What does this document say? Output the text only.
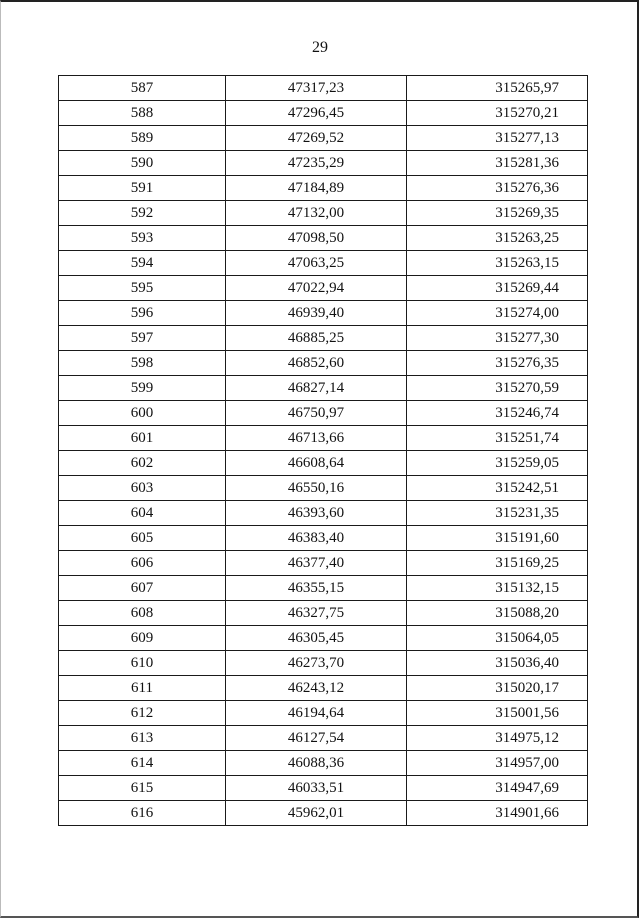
29
587	47317,23	315265,97
588	47296,45	315270,21
589	47269,52	315277,13
590	47235,29	315281,36
591	47184,89	315276,36
592	47132,00	315269,35
593	47098,50	315263,25
594	47063,25	315263,15
595	47022,94	315269,44
596	46939,40	315274,00
597	46885,25	315277,30
598	46852,60	315276,35
599	46827,14	315270,59
600	46750,97	315246,74
601	46713,66	315251,74
602	46608,64	315259,05
603	46550,16	315242,51
604	46393,60	315231,35
605	46383,40	315191,60
606	46377,40	315169,25
607	46355,15	315132,15
608	46327,75	315088,20
609	46305,45	315064,05
610	46273,70	315036,40
611	46243,12	315020,17
612	46194,64	315001,56
613	46127,54	314975,12
614	46088,36	314957,00
615	46033,51	314947,69
616	45962,01	314901,66
